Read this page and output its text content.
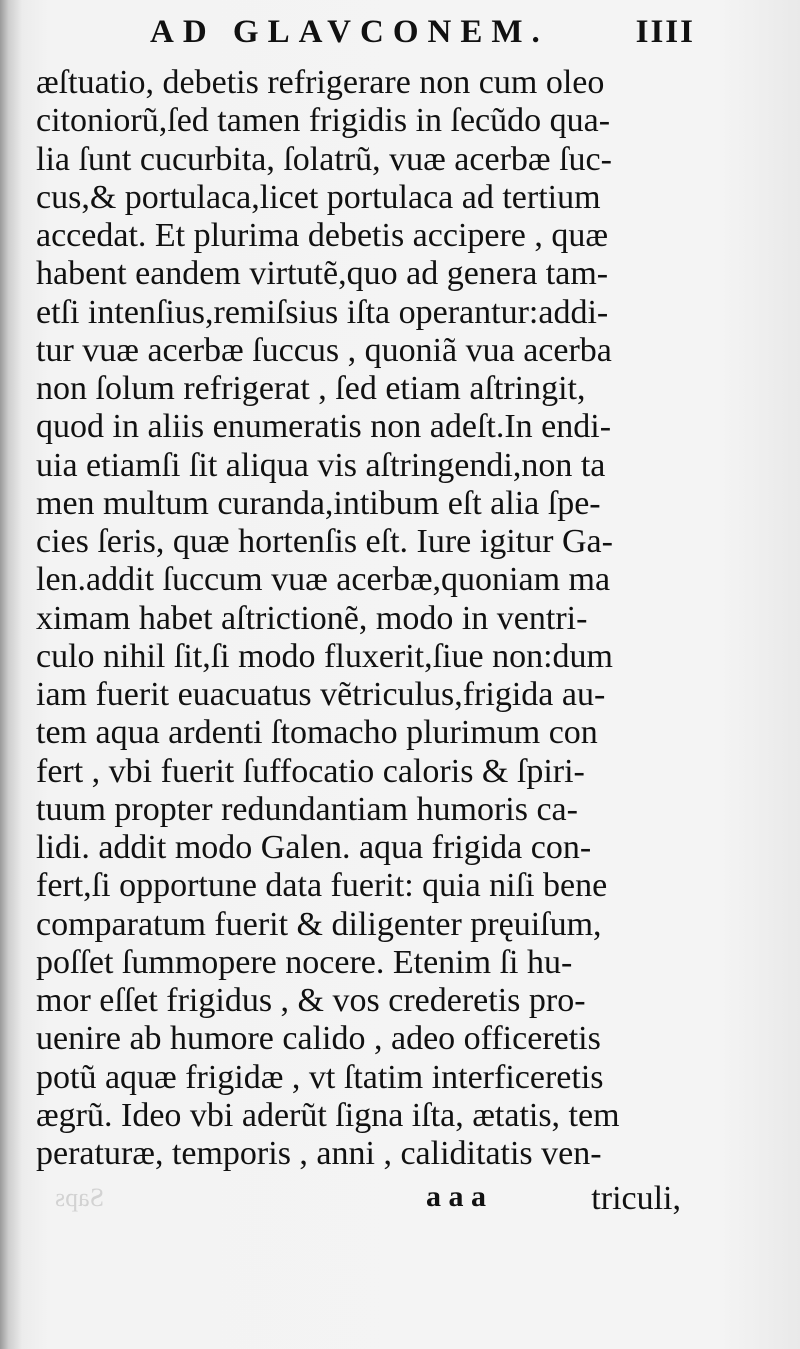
AD GLAVCONEM.	IIII
æſtuatio, debetis refrigerare non cum oleo
citoniorũ,ſed tamen frigidis in ſecũdo qua-
lia ſunt cucurbita, ſolatrũ, vuæ acerbæ ſuc-
cus,& portulaca,licet portulaca ad tertium
accedat. Et plurima debetis accipere , quæ
habent eandem virtutẽ,quo ad genera tam-
etſi intenſius,remiſsius iſta operantur:addi-
tur vuæ acerbæ ſuccus , quoniã vua acerba
non ſolum refrigerat , ſed etiam aſtringit,
quod in aliis enumeratis non adeſt.In endi-
uia etiamſi ſit aliqua vis aſtringendi,non ta
men multum curanda,intibum eſt alia ſpe-
cies ſeris, quæ hortenſis eſt. Iure igitur Ga-
len.addit ſuccum vuæ acerbæ,quoniam ma
ximam habet aſtrictionẽ, modo in ventri-
culo nihil ſit,ſi modo fluxerit,ſiue non:dum
iam fuerit euacuatus vẽtriculus,frigida au-
tem aqua ardenti ſtomacho plurimum con
fert , vbi fuerit ſuffocatio caloris & ſpiri-
tuum propter redundantiam humoris ca-
lidi. addit modo Galen. aqua frigida con-
fert,ſi opportune data fuerit: quia niſi bene
comparatum fuerit & diligenter pręuiſum,
poſſet ſummopere nocere. Etenim ſi hu-
mor eſſet frigidus , & vos crederetis pro-
uenire ab humore calido , adeo officeretis
potũ aquæ frigidæ , vt ſtatim interficeretis
ægrũ. Ideo vbi aderũt ſigna iſta, ætatis, tem
peraturæ, temporis , anni , caliditatis ven-
Saps	a a a	triculi,
